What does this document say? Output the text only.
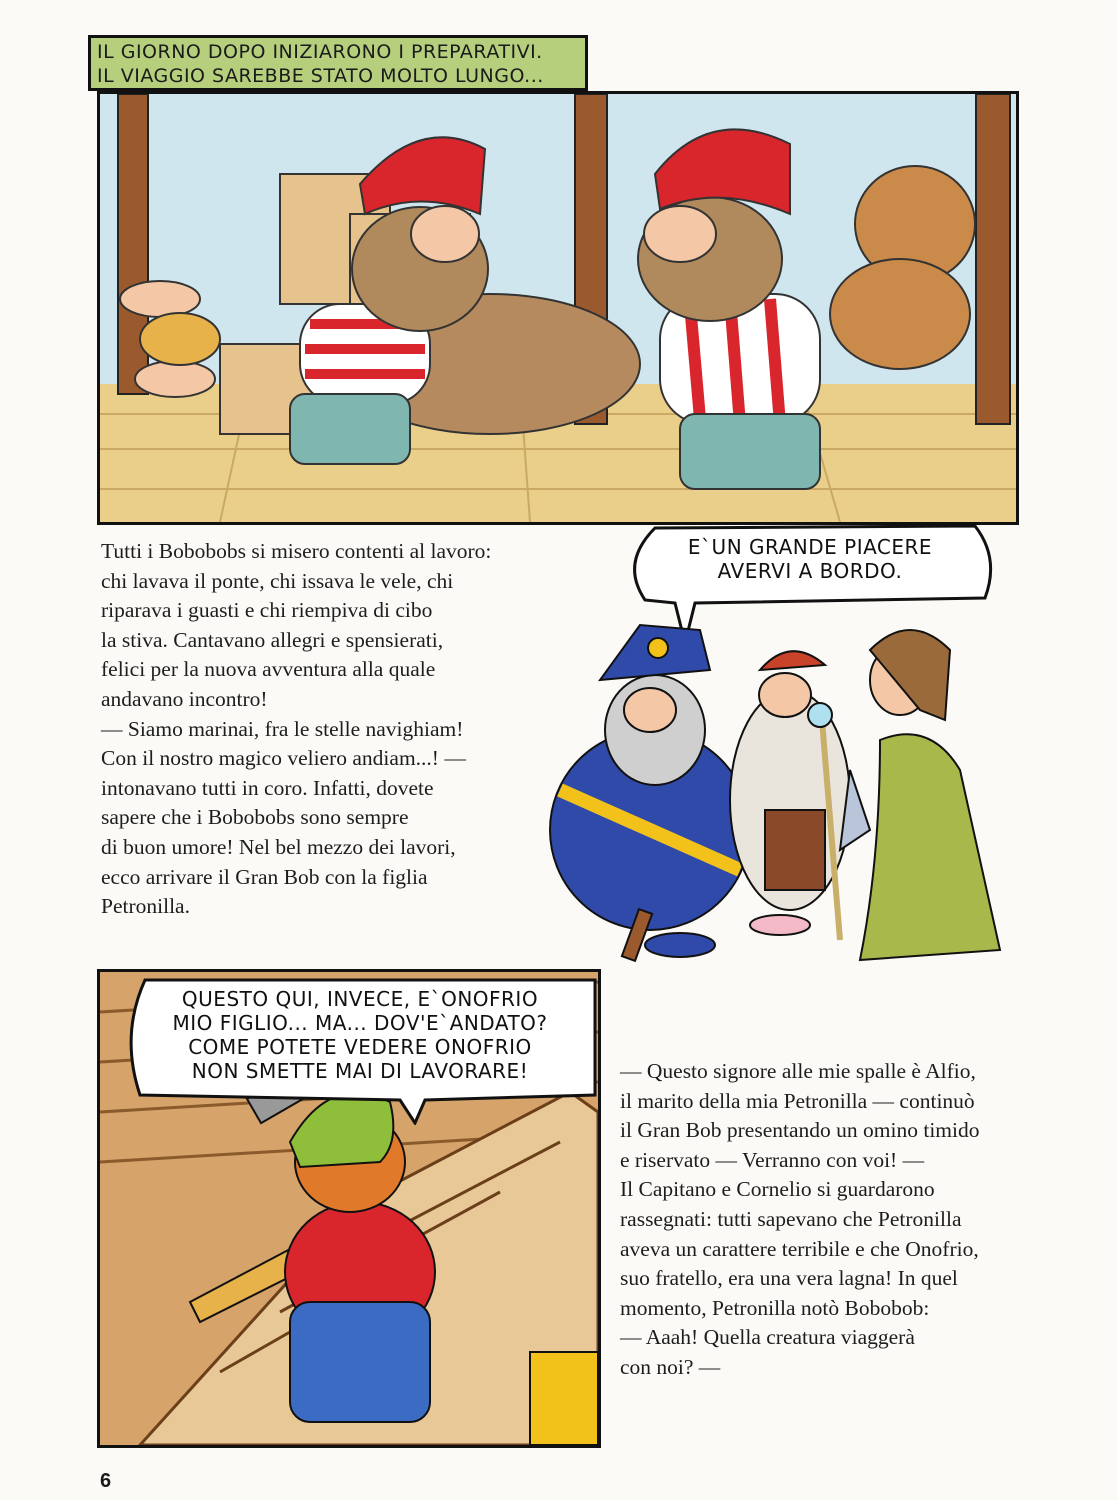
IL GIORNO DOPO INIZIARONO I PREPARATIVI.
IL VIAGGIO SAREBBE STATO MOLTO LUNGO...
Tutti i Bobobobs si misero contenti al lavoro:
chi lavava il ponte, chi issava le vele, chi
riparava i guasti e chi riempiva di cibo
la stiva. Cantavano allegri e spensierati,
felici per la nuova avventura alla quale
andavano incontro!
— Siamo marinai, fra le stelle navighiam!
Con il nostro magico veliero andiam...! —
intonavano tutti in coro. Infatti, dovete
sapere che i Bobobobs sono sempre
di buon umore! Nel bel mezzo dei lavori,
ecco arrivare il Gran Bob con la figlia
Petronilla.
E`UN GRANDE PIACERE
AVERVI A BORDO.
QUESTO QUI, INVECE, E`ONOFRIO
MIO FIGLIO... MA... DOV'E`ANDATO?
COME POTETE VEDERE ONOFRIO
NON SMETTE MAI DI LAVORARE!	— Questo signore alle mie spalle è Alfio,
il marito della mia Petronilla — continuò
il Gran Bob presentando un omino timido
e riservato — Verranno con voi! —
Il Capitano e Cornelio si guardarono
rassegnati: tutti sapevano che Petronilla
aveva un carattere terribile e che Onofrio,
suo fratello, era una vera lagna! In quel
momento, Petronilla notò Bobobob:
— Aaah! Quella creatura viaggerà
con noi? —
6
